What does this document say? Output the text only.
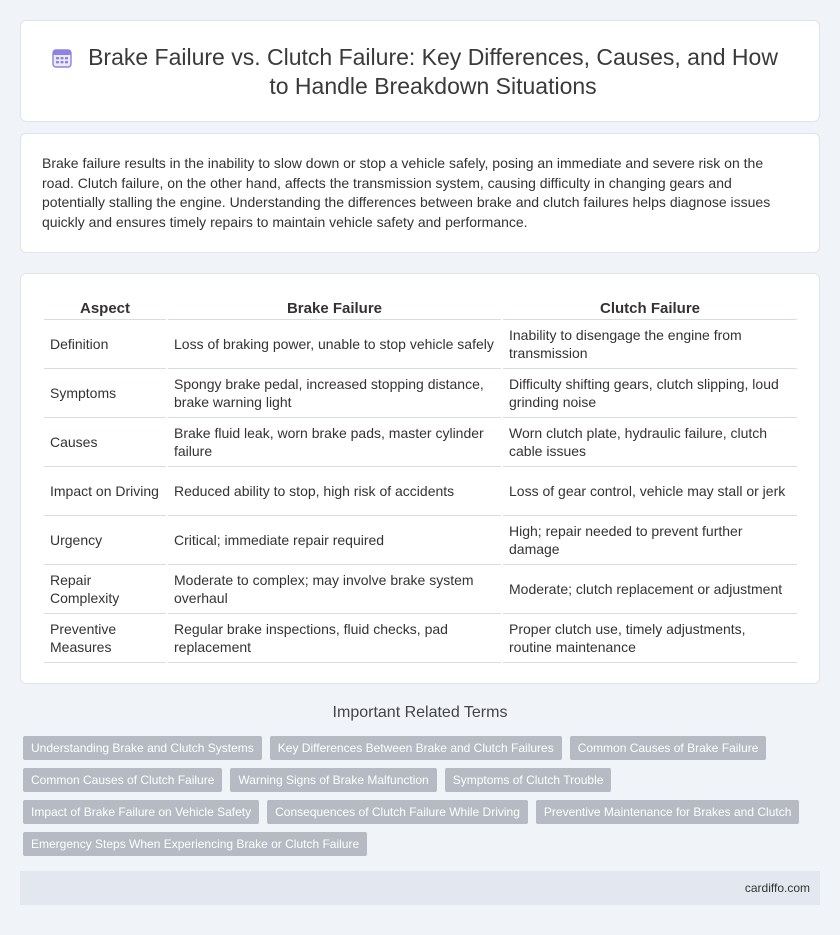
Brake Failure vs. Clutch Failure: Key Differences, Causes, and How to Handle Breakdown Situations

Brake failure results in the inability to slow down or stop a vehicle safely, posing an immediate and severe risk on the road. Clutch failure, on the other hand, affects the transmission system, causing difficulty in changing gears and potentially stalling the engine. Understanding the differences between brake and clutch failures helps diagnose issues quickly and ensures timely repairs to maintain vehicle safety and performance.

Aspect	Brake Failure	Clutch Failure
Definition	Loss of braking power, unable to stop vehicle safely	Inability to disengage the engine from transmission
Symptoms	Spongy brake pedal, increased stopping distance, brake warning light	Difficulty shifting gears, clutch slipping, loud grinding noise
Causes	Brake fluid leak, worn brake pads, master cylinder failure	Worn clutch plate, hydraulic failure, clutch cable issues
Impact on Driving	Reduced ability to stop, high risk of accidents	Loss of gear control, vehicle may stall or jerk
Urgency	Critical; immediate repair required	High; repair needed to prevent further damage
Repair Complexity	Moderate to complex; may involve brake system overhaul	Moderate; clutch replacement or adjustment
Preventive Measures	Regular brake inspections, fluid checks, pad replacement	Proper clutch use, timely adjustments, routine maintenance
Important Related Terms
Understanding Brake and Clutch Systems	Key Differences Between Brake and Clutch Failures	Common Causes of Brake Failure
Common Causes of Clutch Failure	Warning Signs of Brake Malfunction	Symptoms of Clutch Trouble
Impact of Brake Failure on Vehicle Safety	Consequences of Clutch Failure While Driving	Preventive Maintenance for Brakes and Clutch
Emergency Steps When Experiencing Brake or Clutch Failure
cardiffo.com
